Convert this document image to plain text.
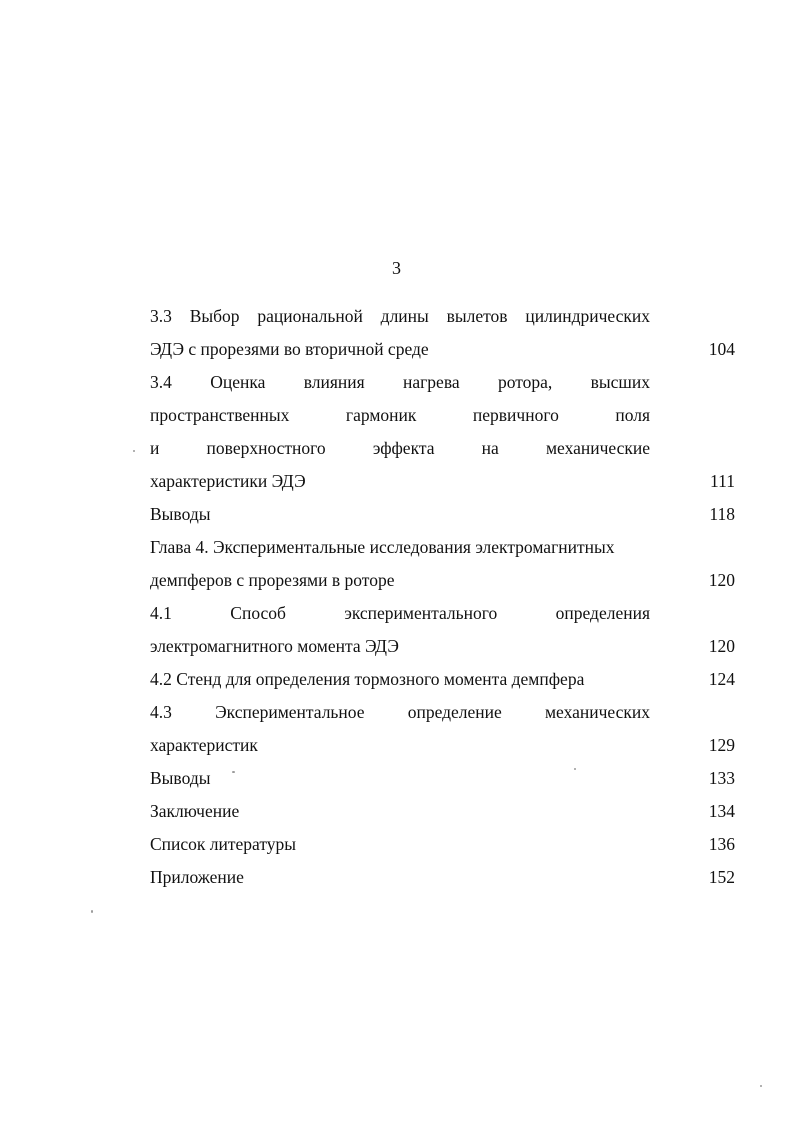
3
3.3 Выбор рациональной длины вылетов цилиндрических
ЭДЭ с прорезями во вторичной среде	104
3.4 Оценка влияния нагрева ротора, высших
пространственных гармоник первичного поля
и поверхностного эффекта на механические
характеристики ЭДЭ	111
Выводы	118
Глава 4. Экспериментальные исследования электромагнитных
демпферов с прорезями в роторе	120
4.1 Способ экспериментального определения
электромагнитного момента ЭДЭ	120
4.2 Стенд для определения тормозного момента демпфера	124
4.3 Экспериментальное определение механических
характеристик	129
Выводы	133
Заключение	134
Список литературы	136
Приложение	152
